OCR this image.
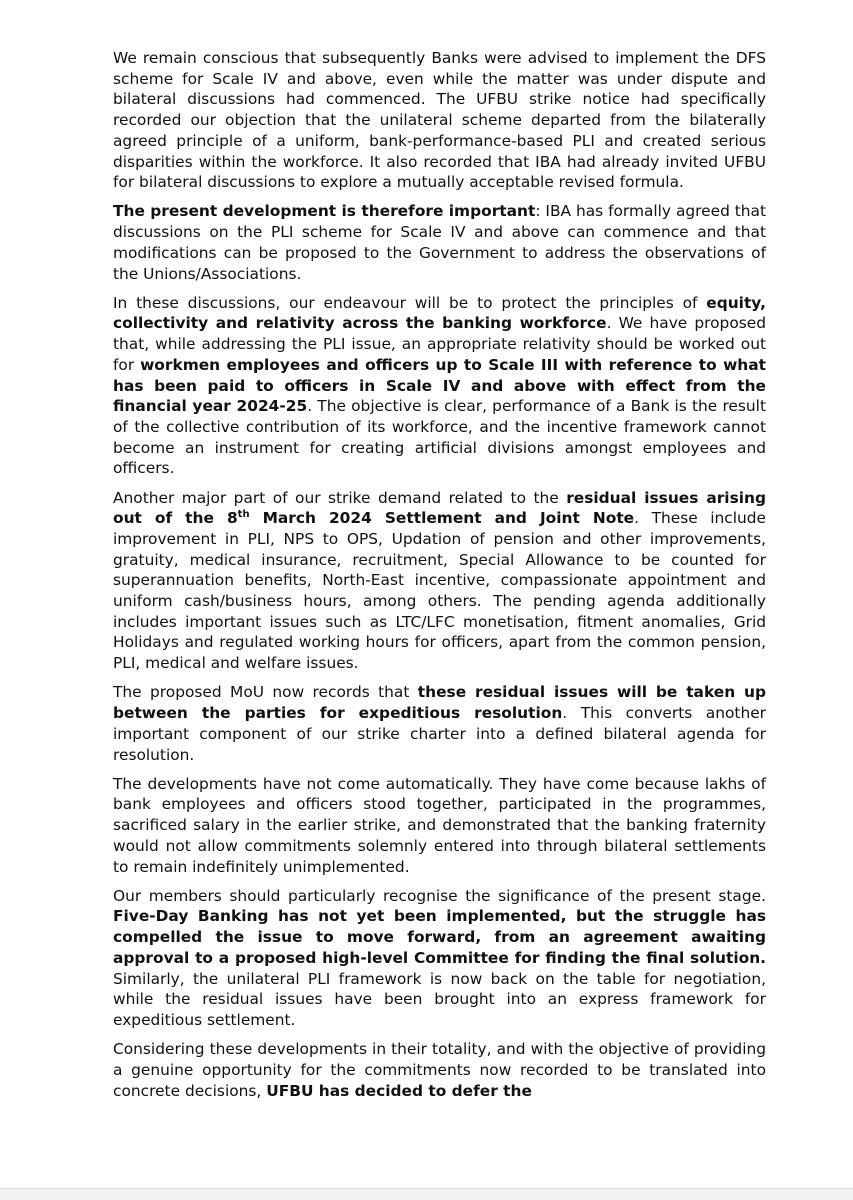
We remain conscious that subsequently Banks were advised to implement the DFS scheme for Scale IV and above, even while the matter was under dispute and bilateral discussions had commenced. The UFBU strike notice had specifically recorded our objection that the unilateral scheme departed from the bilaterally agreed principle of a uniform, bank-performance-based PLI and created serious disparities within the workforce. It also recorded that IBA had already invited UFBU for bilateral discussions to explore a mutually acceptable revised formula.

The present development is therefore important: IBA has formally agreed that discussions on the PLI scheme for Scale IV and above can commence and that modifications can be proposed to the Government to address the observations of the Unions/Associations.

In these discussions, our endeavour will be to protect the principles of equity, collectivity and relativity across the banking workforce. We have proposed that, while addressing the PLI issue, an appropriate relativity should be worked out for workmen employees and officers up to Scale III with reference to what has been paid to officers in Scale IV and above with effect from the financial year 2024-25. The objective is clear, performance of a Bank is the result of the collective contribution of its workforce, and the incentive framework cannot become an instrument for creating artificial divisions amongst employees and officers.

Another major part of our strike demand related to the residual issues arising out of the 8th March 2024 Settlement and Joint Note. These include improvement in PLI, NPS to OPS, Updation of pension and other improvements, gratuity, medical insurance, recruitment, Special Allowance to be counted for superannuation benefits, North-East incentive, compassionate appointment and uniform cash/business hours, among others. The pending agenda additionally includes important issues such as LTC/LFC monetisation, fitment anomalies, Grid Holidays and regulated working hours for officers, apart from the common pension, PLI, medical and welfare issues.

The proposed MoU now records that these residual issues will be taken up between the parties for expeditious resolution. This converts another important component of our strike charter into a defined bilateral agenda for resolution.

The developments have not come automatically. They have come because lakhs of bank employees and officers stood together, participated in the programmes, sacrificed salary in the earlier strike, and demonstrated that the banking fraternity would not allow commitments solemnly entered into through bilateral settlements to remain indefinitely unimplemented.

Our members should particularly recognise the significance of the present stage. Five-Day Banking has not yet been implemented, but the struggle has compelled the issue to move forward, from an agreement awaiting approval to a proposed high-level Committee for finding the final solution. Similarly, the unilateral PLI framework is now back on the table for negotiation, while the residual issues have been brought into an express framework for expeditious settlement.

Considering these developments in their totality, and with the objective of providing a genuine opportunity for the commitments now recorded to be translated into concrete decisions, UFBU has decided to defer the
